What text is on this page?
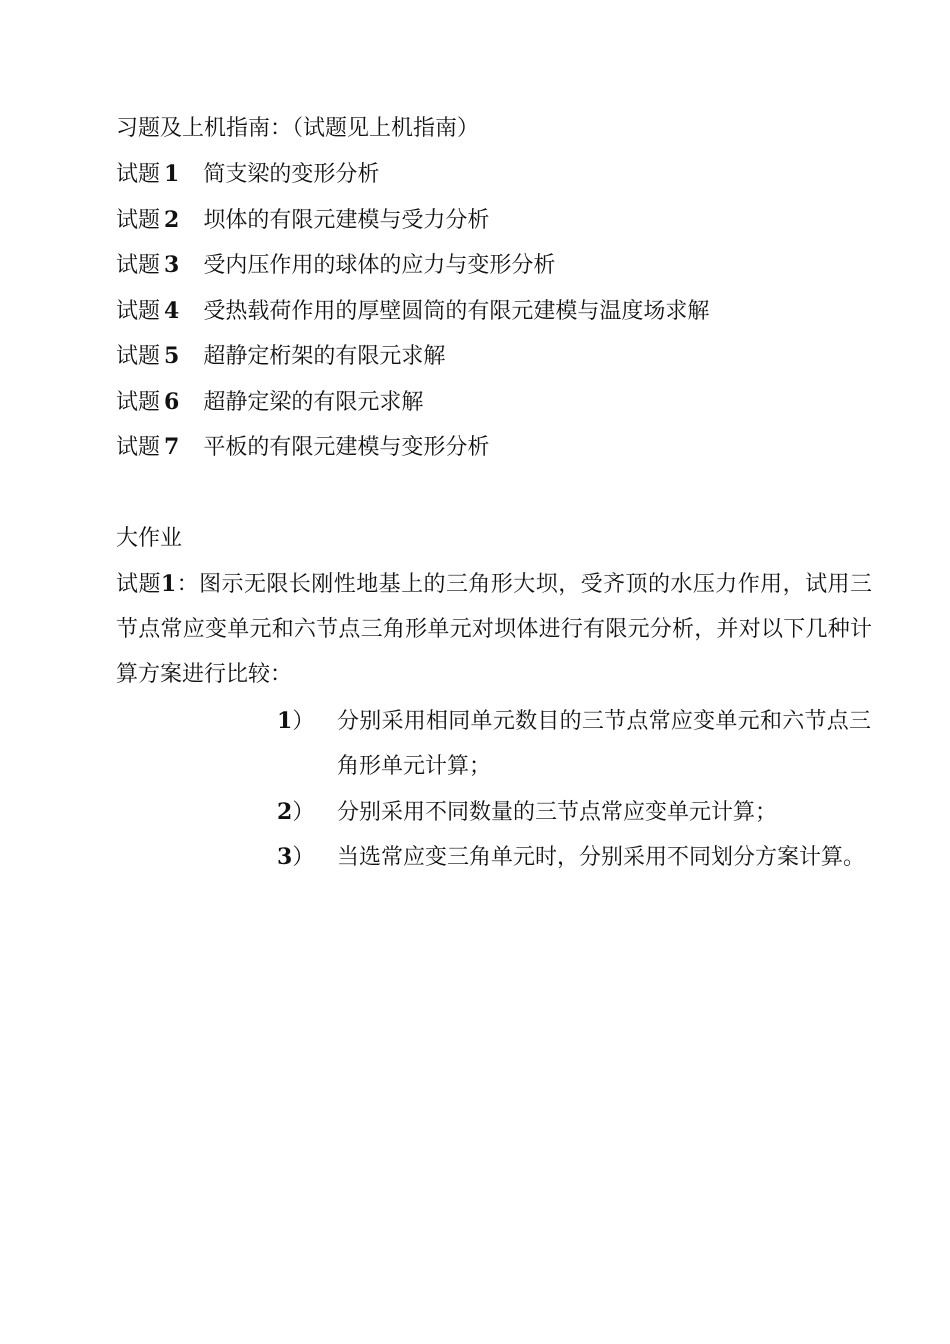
习题及上机指南：（试题见上机指南）
试题 1 简支梁的变形分析
试题 2 坝体的有限元建模与受力分析
试题 3 受内压作用的球体的应力与变形分析
试题 4 受热载荷作用的厚壁圆筒的有限元建模与温度场求解
试题 5 超静定桁架的有限元求解
试题 6 超静定梁的有限元求解
试题 7 平板的有限元建模与变形分析
大作业
试题1：图示无限长刚性地基上的三角形大坝，受齐顶的水压力作用，试用三节点常应变单元和六节点三角形单元对坝体进行有限元分析，并对以下几种计算方案进行比较：
1） 分别采用相同单元数目的三节点常应变单元和六节点三角形单元计算；
2） 分别采用不同数量的三节点常应变单元计算；
3） 当选常应变三角单元时，分别采用不同划分方案计算。
